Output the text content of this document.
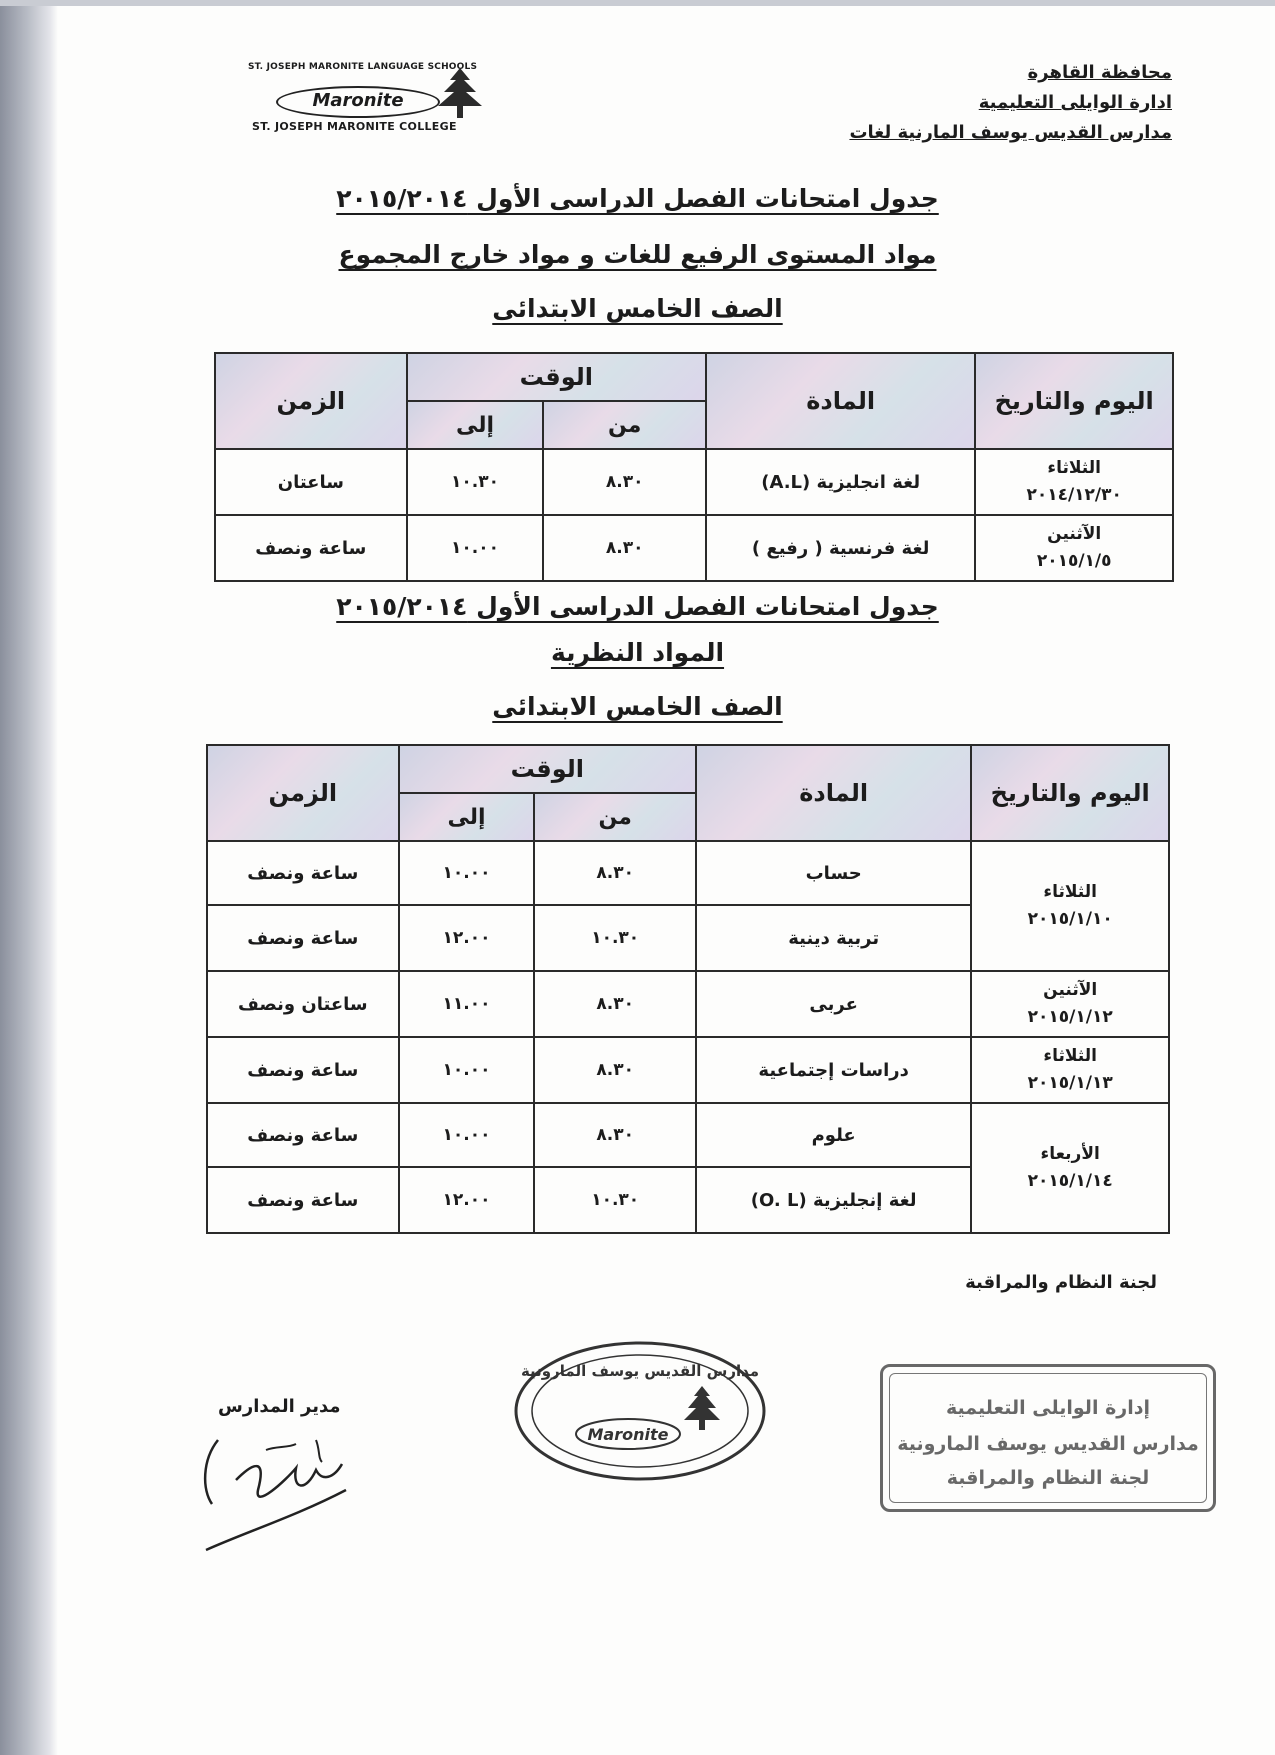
محافظة القاهرة
ادارة الوايلى التعليمية
مدارس القديس يوسف المارنية لغات
ST. JOSEPH MARONITE LANGUAGE SCHOOLS
Maronite
ST. JOSEPH MARONITE COLLEGE
جدول امتحانات الفصل الدراسى الأول ٢٠١٥/٢٠١٤
مواد المستوى الرفيع للغات و مواد خارج المجموع
الصف الخامس الابتدائى
اليوم والتاريخ	المادة	الوقت		الزمن
		من	إلى	

الثلاثاء
٢٠١٤/١٢/٣٠	لغة انجليزية (A.L)	٨.٣٠	١٠.٣٠	ساعتان

الآثنين
٢٠١٥/١/٥	لغة فرنسية ( رفيع )	٨.٣٠	١٠.٠٠	ساعة ونصف
جدول امتحانات الفصل الدراسى الأول ٢٠١٥/٢٠١٤
المواد النظرية
الصف الخامس الابتدائى
اليوم والتاريخ	المادة	الوقت		الزمن
		من	إلى	

الثلاثاء
٢٠١٥/١/١٠	حساب	٨.٣٠	١٠.٠٠	ساعة ونصف
	تربية دينية	١٠.٣٠	١٢.٠٠	ساعة ونصف

الآثنين
٢٠١٥/١/١٢	عربى	٨.٣٠	١١.٠٠	ساعتان ونصف

الثلاثاء
٢٠١٥/١/١٣	دراسات إجتماعية	٨.٣٠	١٠.٠٠	ساعة ونصف

الأربعاء
٢٠١٥/١/١٤	علوم	٨.٣٠	١٠.٠٠	ساعة ونصف
	لغة إنجليزية (O. L)	١٠.٣٠	١٢.٠٠	ساعة ونصف
لجنة النظام والمراقبة
إدارة الوايلى التعليمية
مدارس القديس يوسف المارونية
لجنة النظام والمراقبة
مدارس القديس يوسف المارونية
Maronite
مدير المدارس
